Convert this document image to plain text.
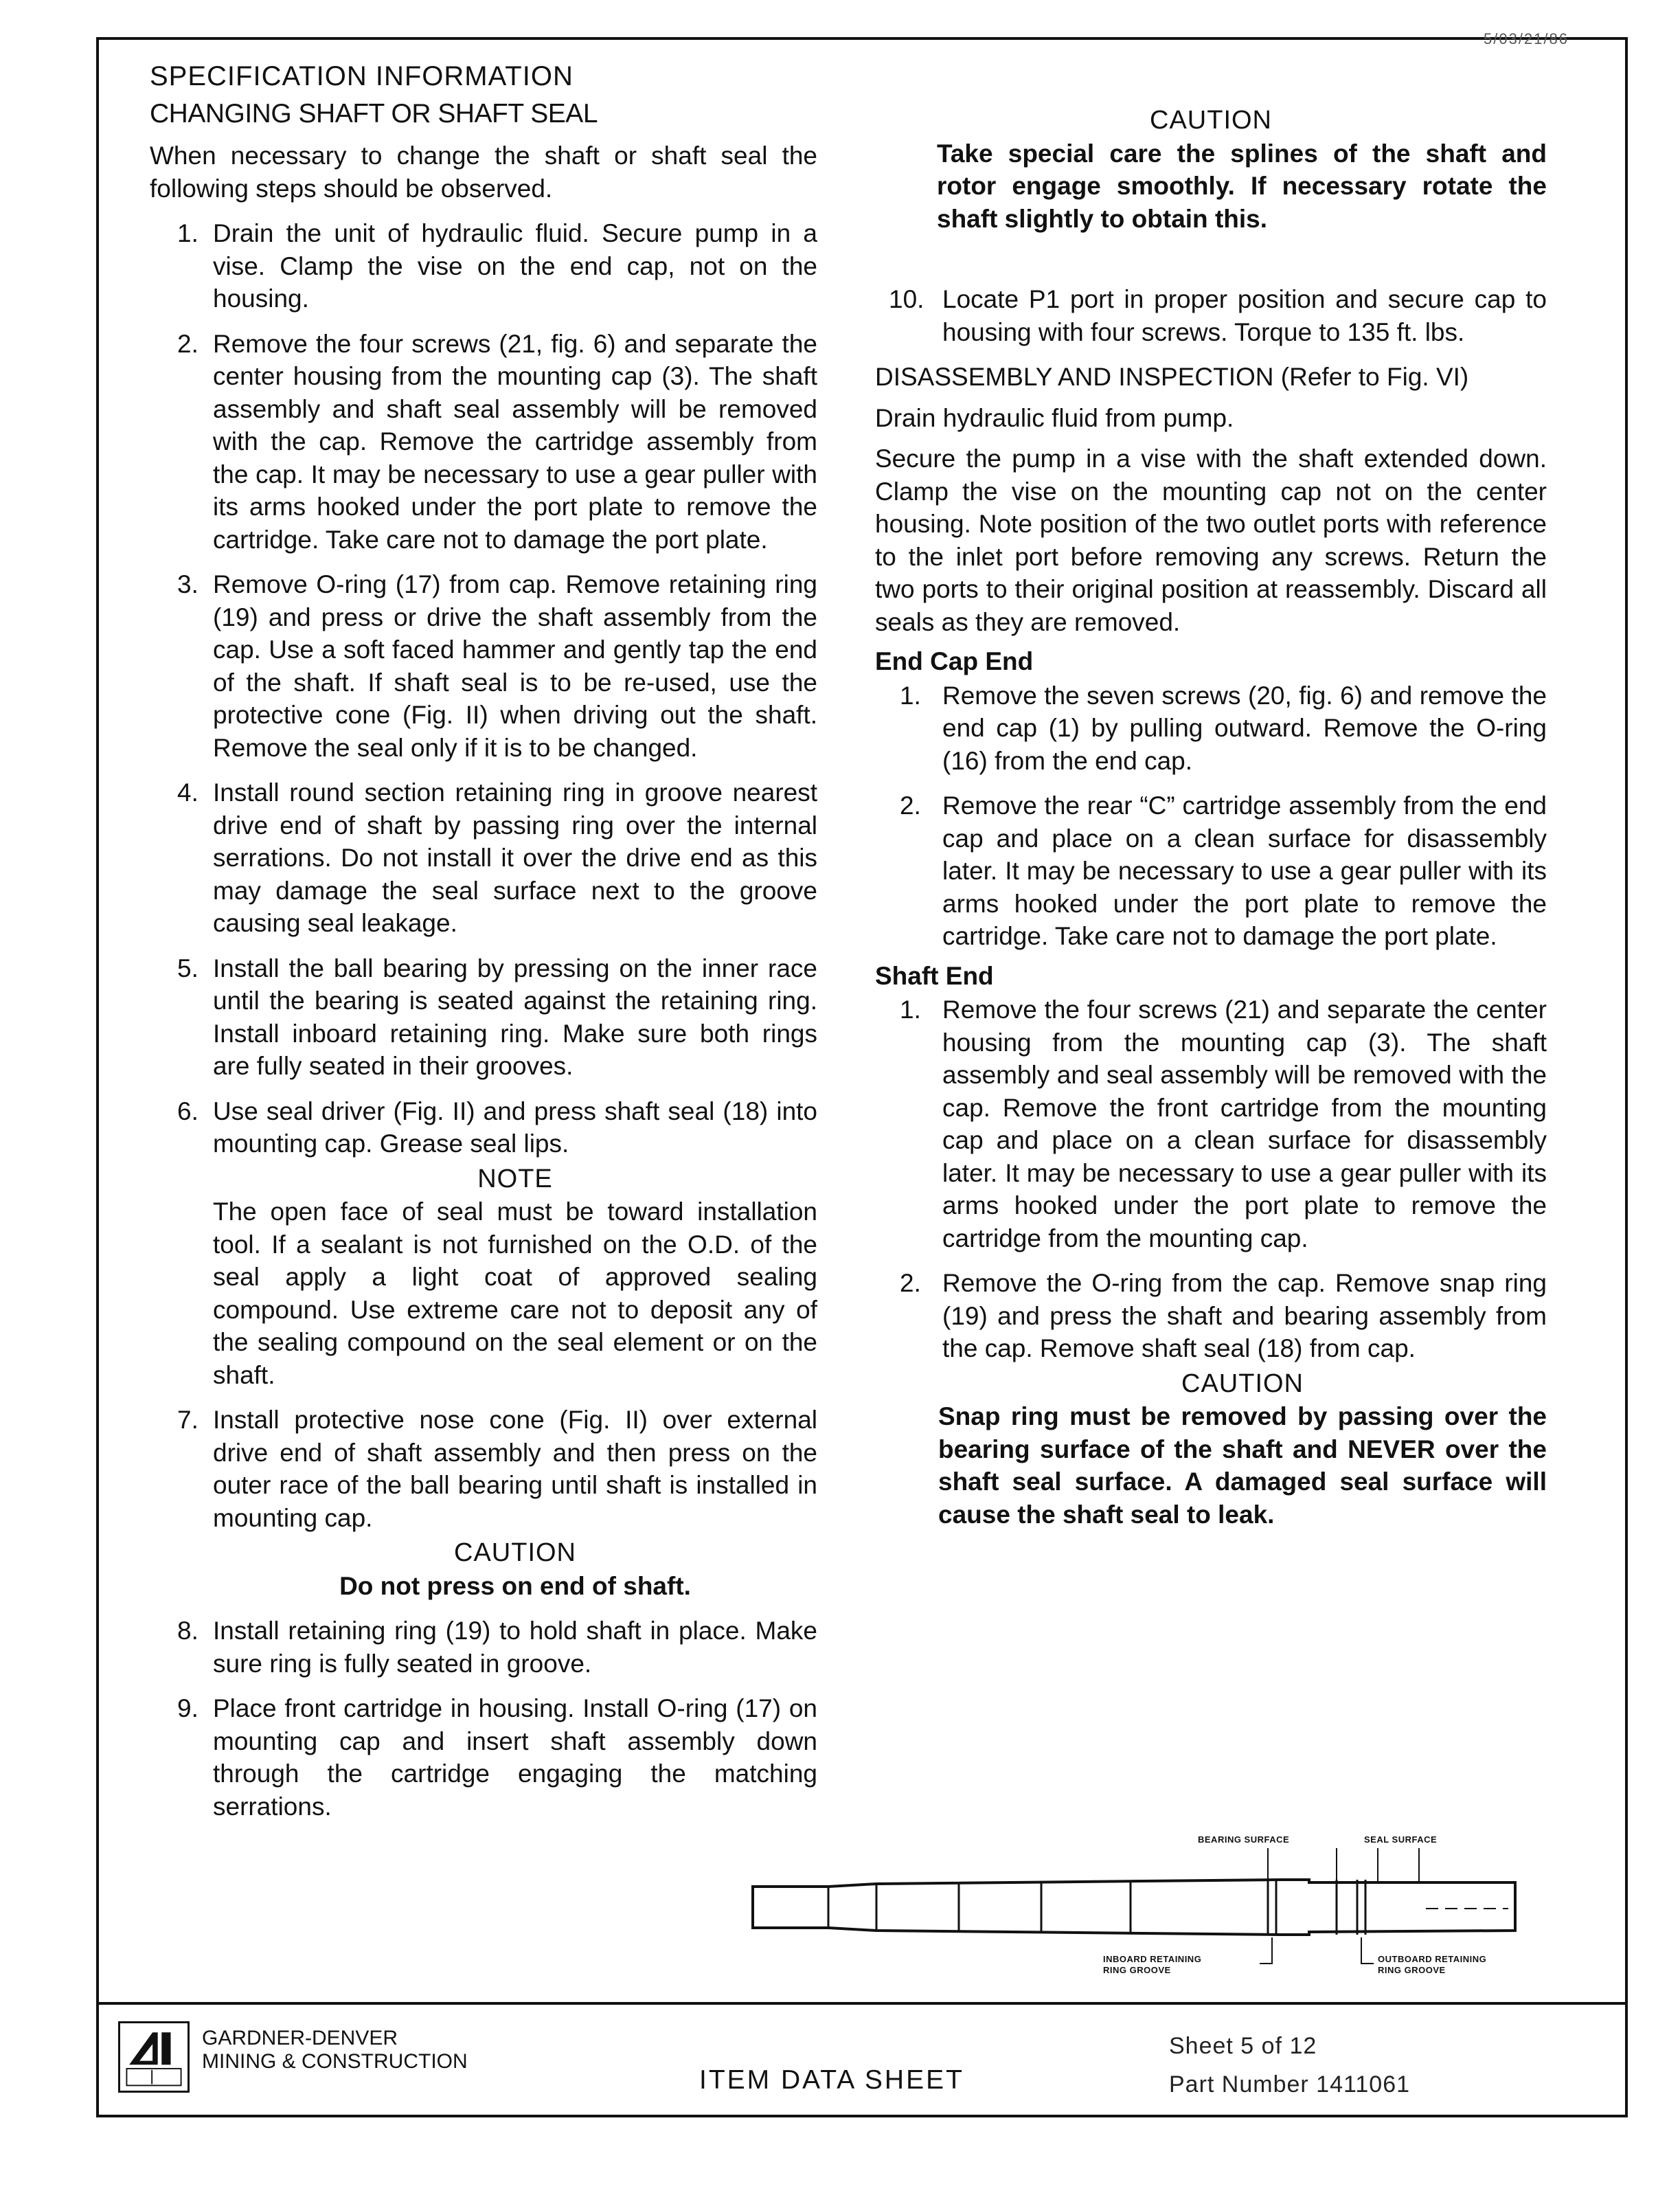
5/03/21/86
SPECIFICATION INFORMATION
CHANGING SHAFT OR SHAFT SEAL
When necessary to change the shaft or shaft seal the following steps should be observed.
1. Drain the unit of hydraulic fluid. Secure pump in a vise. Clamp the vise on the end cap, not on the housing.
2. Remove the four screws (21, fig. 6) and separate the center housing from the mounting cap (3). The shaft assembly and shaft seal assembly will be removed with the cap. Remove the cartridge assembly from the cap. It may be necessary to use a gear puller with its arms hooked under the port plate to remove the cartridge. Take care not to damage the port plate.
3. Remove O-ring (17) from cap. Remove retaining ring (19) and press or drive the shaft assembly from the cap. Use a soft faced hammer and gently tap the end of the shaft. If shaft seal is to be re-used, use the protective cone (Fig. II) when driving out the shaft. Remove the seal only if it is to be changed.
4. Install round section retaining ring in groove nearest drive end of shaft by passing ring over the internal serrations. Do not install it over the drive end as this may damage the seal surface next to the groove causing seal leakage.
5. Install the ball bearing by pressing on the inner race until the bearing is seated against the retaining ring. Install inboard retaining ring. Make sure both rings are fully seated in their grooves.
6. Use seal driver (Fig. II) and press shaft seal (18) into mounting cap. Grease seal lips.
NOTE
The open face of seal must be toward installation tool. If a sealant is not furnished on the O.D. of the seal apply a light coat of approved sealing compound. Use extreme care not to deposit any of the sealing compound on the seal element or on the shaft.
7. Install protective nose cone (Fig. II) over external drive end of shaft assembly and then press on the outer race of the ball bearing until shaft is installed in mounting cap.
CAUTION
Do not press on end of shaft.
8. Install retaining ring (19) to hold shaft in place. Make sure ring is fully seated in groove.
9. Place front cartridge in housing. Install O-ring (17) on mounting cap and insert shaft assembly down through the cartridge engaging the matching serrations.
CAUTION
Take special care the splines of the shaft and rotor engage smoothly. If necessary rotate the shaft slightly to obtain this.
10. Locate P1 port in proper position and secure cap to housing with four screws. Torque to 135 ft. lbs.
DISASSEMBLY AND INSPECTION (Refer to Fig. VI)
Drain hydraulic fluid from pump.
Secure the pump in a vise with the shaft extended down. Clamp the vise on the mounting cap not on the center housing. Note position of the two outlet ports with reference to the inlet port before removing any screws. Return the two ports to their original position at reassembly. Discard all seals as they are removed.
End Cap End
1. Remove the seven screws (20, fig. 6) and remove the end cap (1) by pulling outward. Remove the O-ring (16) from the end cap.
2. Remove the rear “C” cartridge assembly from the end cap and place on a clean surface for disassembly later. It may be necessary to use a gear puller with its arms hooked under the port plate to remove the cartridge. Take care not to damage the port plate.
Shaft End
1. Remove the four screws (21) and separate the center housing from the mounting cap (3). The shaft assembly and seal assembly will be removed with the cap. Remove the front cartridge from the mounting cap and place on a clean surface for disassembly later. It may be necessary to use a gear puller with its arms hooked under the port plate to remove the cartridge from the mounting cap.
2. Remove the O-ring from the cap. Remove snap ring (19) and press the shaft and bearing assembly from the cap. Remove shaft seal (18) from cap.
CAUTION
Snap ring must be removed by passing over the bearing surface of the shaft and NEVER over the shaft seal surface. A damaged seal surface will cause the shaft seal to leak.
BEARING SURFACE	SEAL SURFACE
INBOARD RETAINING
RING GROOVE
OUTBOARD RETAINING
RING GROOVE
GARDNER-DENVER
MINING & CONSTRUCTION
ITEM DATA SHEET
Sheet 5 of 12
Part Number 1411061
